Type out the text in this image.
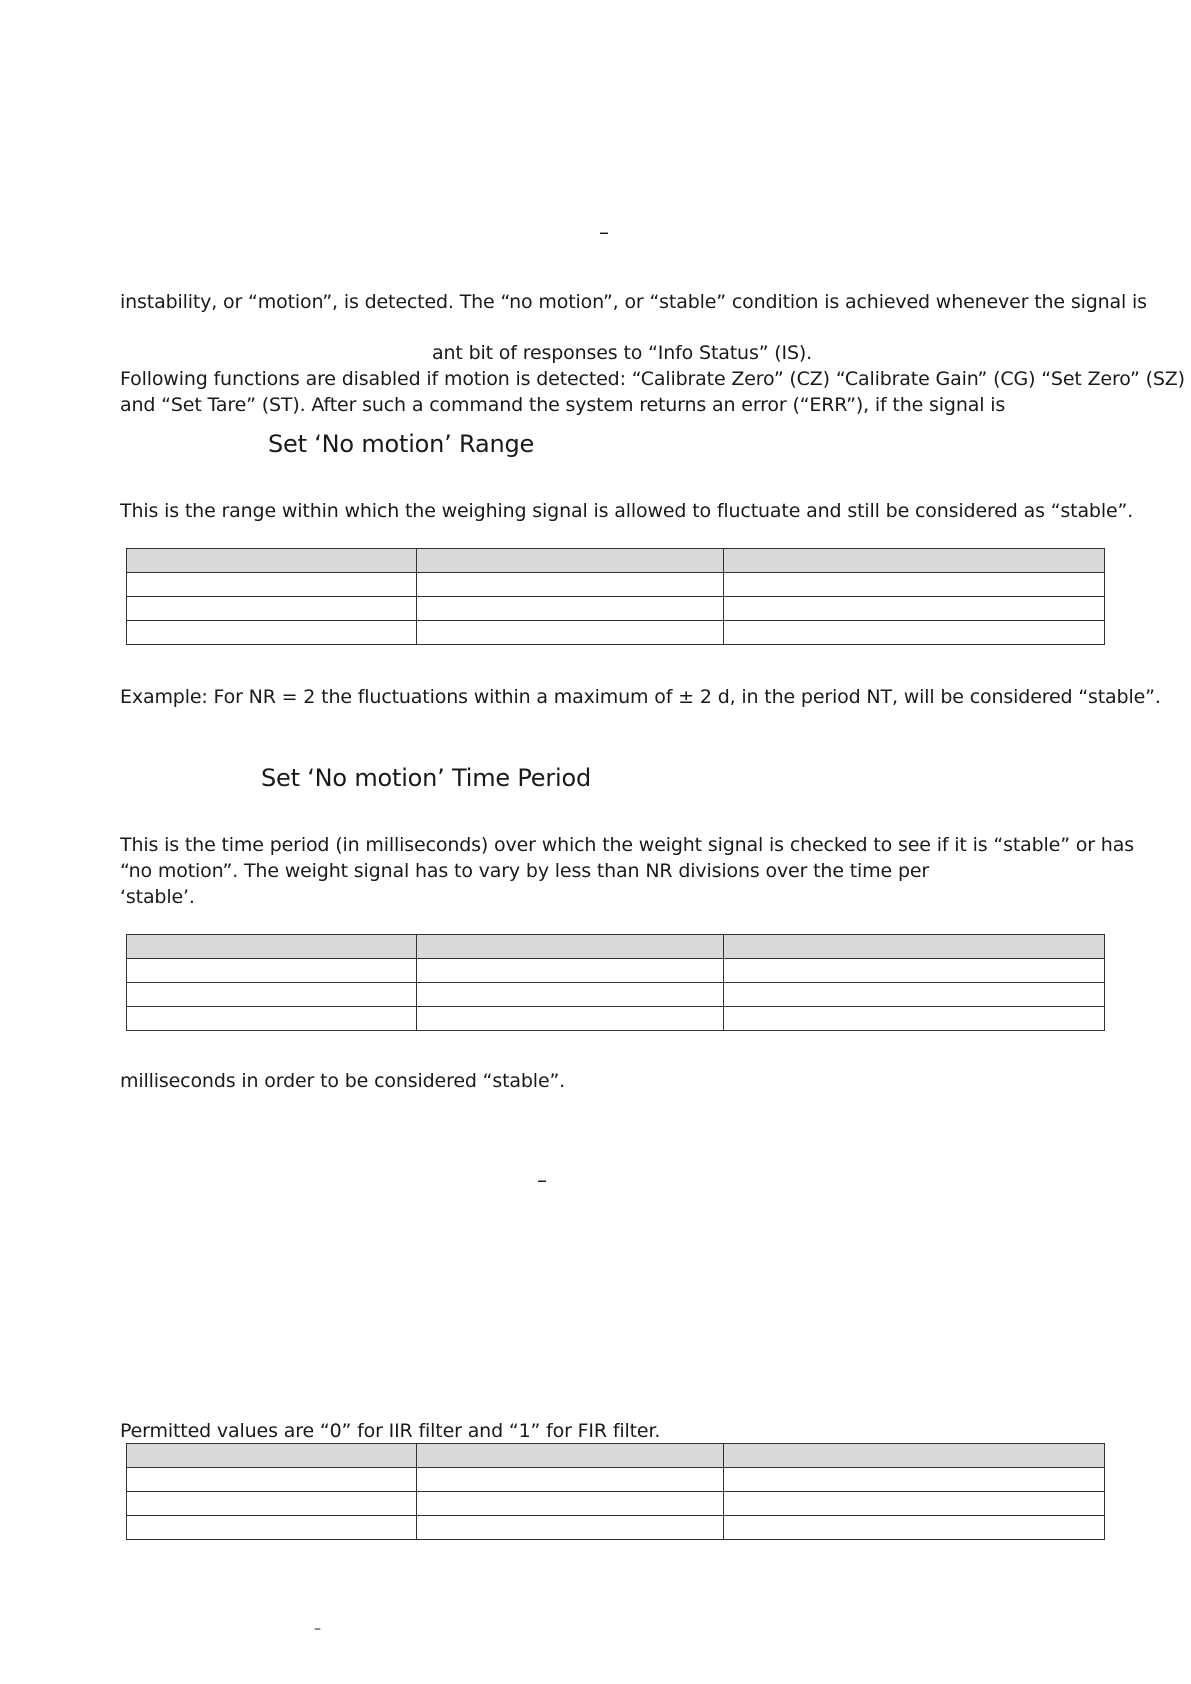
–

instability, or “motion”, is detected. The “no motion”, or “stable” condition is achieved whenever the signal is

ant bit of responses to “Info Status” (IS).

Following functions are disabled if motion is detected: “Calibrate Zero” (CZ) “Calibrate Gain” (CG) “Set Zero” (SZ)

and “Set Tare” (ST). After such a command the system returns an error (“ERR”), if the signal is

Set ‘No motion’ Range

This is the range within which the weighing signal is allowed to fluctuate and still be considered as “stable”.

Example: For NR = 2 the fluctuations within a maximum of ± 2 d, in the period NT, will be considered “stable”.

Set ‘No motion’ Time Period

This is the time period (in milliseconds) over which the weight signal is checked to see if it is “stable” or has

“no motion”. The weight signal has to vary by less than NR divisions over the time per

‘stable’.

milliseconds in order to be considered “stable”.

–

Permitted values are “0” for IIR filter and “1” for FIR filter.

–
